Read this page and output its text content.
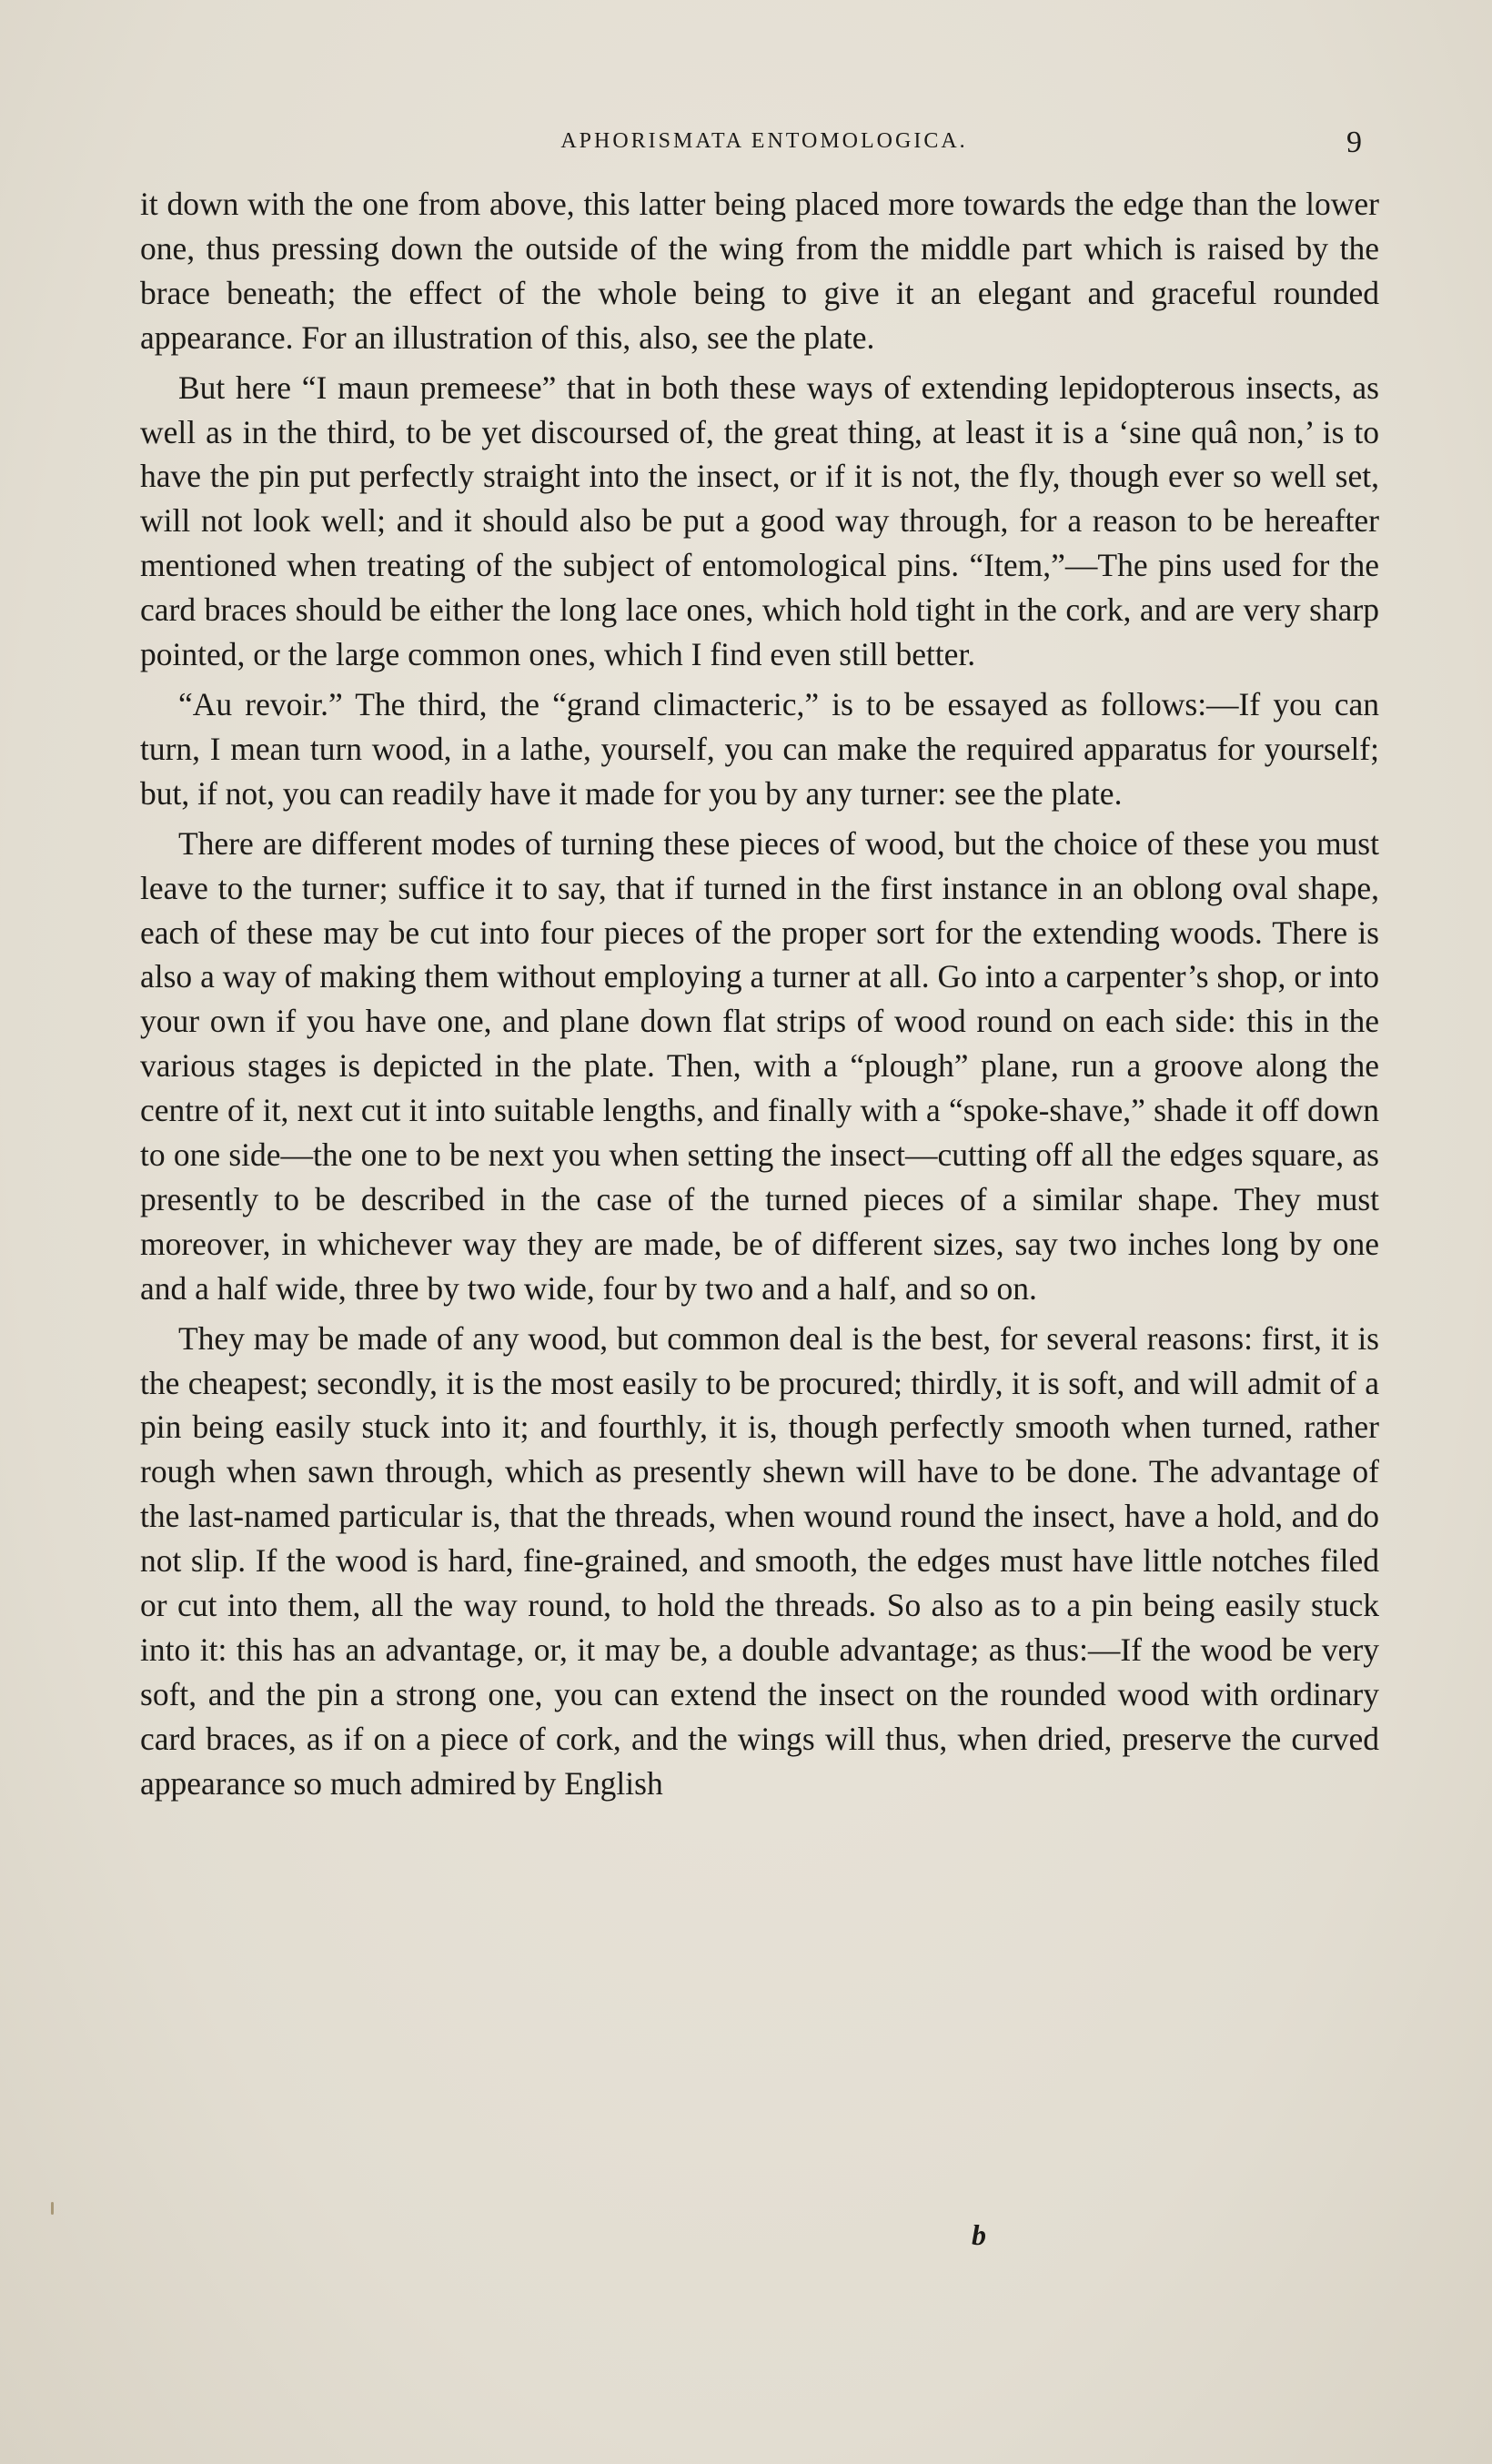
APHORISMATA ENTOMOLOGICA.	9

it down with the one from above, this latter being placed more towards the edge than the lower one, thus pressing down the outside of the wing from the middle part which is raised by the brace beneath; the effect of the whole being to give it an elegant and graceful rounded appearance. For an illustration of this, also, see the plate.

But here “I maun premeese” that in both these ways of extending lepidopterous insects, as well as in the third, to be yet discoursed of, the great thing, at least it is a ‘sine quâ non,’ is to have the pin put perfectly straight into the insect, or if it is not, the fly, though ever so well set, will not look well; and it should also be put a good way through, for a reason to be hereafter mentioned when treating of the subject of entomological pins. “Item,”—The pins used for the card braces should be either the long lace ones, which hold tight in the cork, and are very sharp pointed, or the large common ones, which I find even still better.

“Au revoir.” The third, the “grand climacteric,” is to be essayed as follows:—If you can turn, I mean turn wood, in a lathe, yourself, you can make the required apparatus for yourself; but, if not, you can readily have it made for you by any turner: see the plate.

There are different modes of turning these pieces of wood, but the choice of these you must leave to the turner; suffice it to say, that if turned in the first instance in an oblong oval shape, each of these may be cut into four pieces of the proper sort for the extending woods. There is also a way of making them without employing a turner at all. Go into a carpenter’s shop, or into your own if you have one, and plane down flat strips of wood round on each side: this in the various stages is depicted in the plate. Then, with a “plough” plane, run a groove along the centre of it, next cut it into suitable lengths, and finally with a “spoke-shave,” shade it off down to one side—the one to be next you when setting the insect—cutting off all the edges square, as presently to be described in the case of the turned pieces of a similar shape. They must moreover, in whichever way they are made, be of different sizes, say two inches long by one and a half wide, three by two wide, four by two and a half, and so on.

They may be made of any wood, but common deal is the best, for several reasons: first, it is the cheapest; secondly, it is the most easily to be procured; thirdly, it is soft, and will admit of a pin being easily stuck into it; and fourthly, it is, though perfectly smooth when turned, rather rough when sawn through, which as presently shewn will have to be done. The advantage of the last-named particular is, that the threads, when wound round the insect, have a hold, and do not slip. If the wood is hard, fine-grained, and smooth, the edges must have little notches filed or cut into them, all the way round, to hold the threads. So also as to a pin being easily stuck into it: this has an advantage, or, it may be, a double advantage; as thus:—If the wood be very soft, and the pin a strong one, you can extend the insect on the rounded wood with ordinary card braces, as if on a piece of cork, and the wings will thus, when dried, preserve the curved appearance so much admired by English

b
